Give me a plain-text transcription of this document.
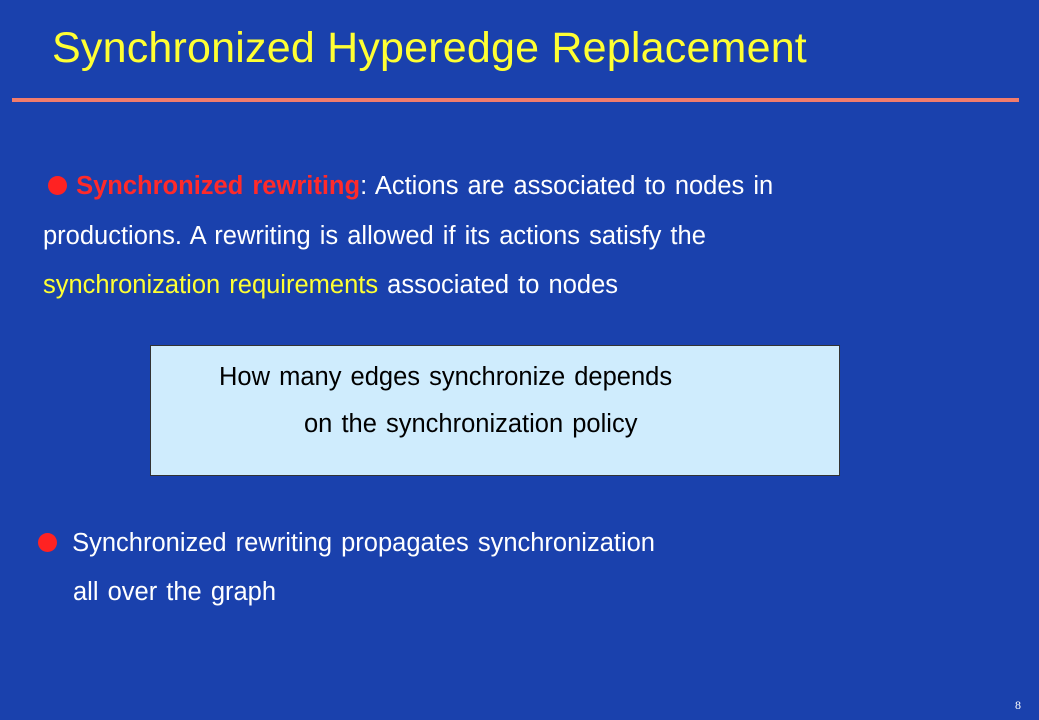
Synchronized Hyperedge Replacement
Synchronized rewriting: Actions are associated to nodes in
productions. A rewriting is allowed if its actions satisfy the
synchronization requirements associated to nodes
How many edges synchronize depends
on the synchronization policy
Synchronized rewriting propagates synchronization
all over the graph
8
